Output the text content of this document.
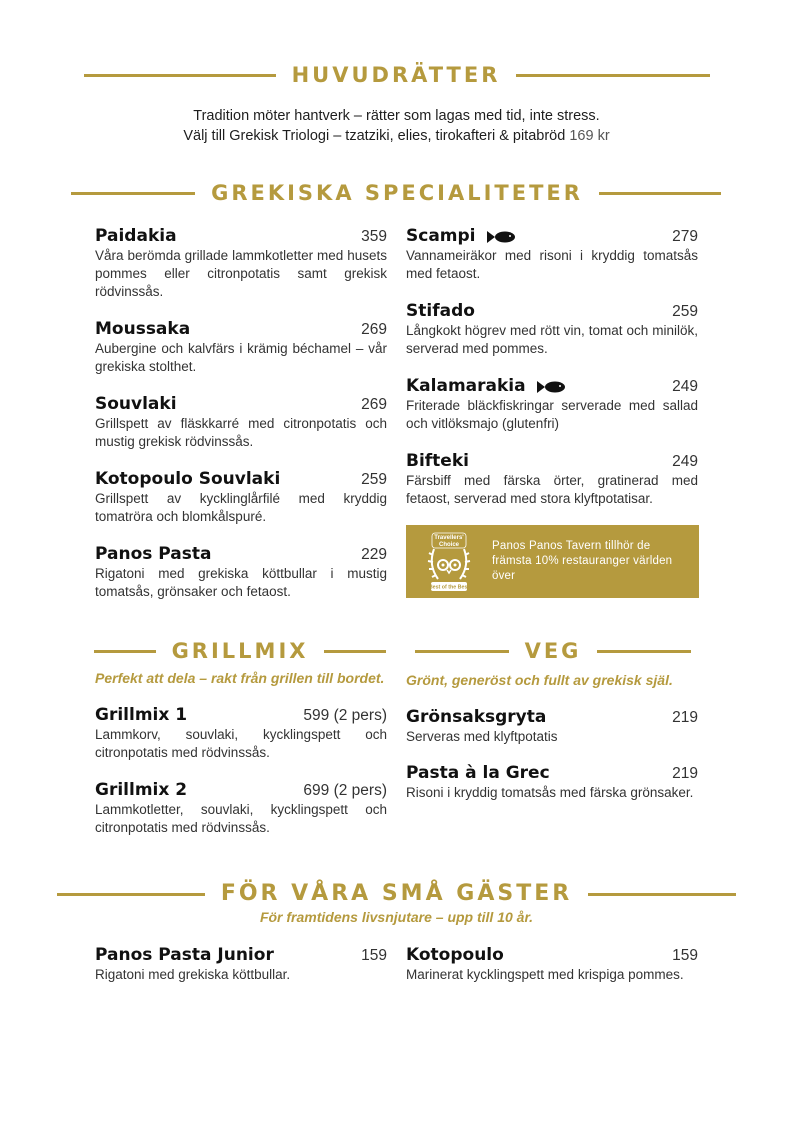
HUVUDRÄTTER
Tradition möter hantverk – rätter som lagas med tid, inte stress.
Välj till Grekisk Triologi – tzatziki, elies, tirokafteri & pitabröd 169 kr
GREKISKA SPECIALITETER
Paidakia	359
Våra berömda grillade lammkotletter med husets pommes eller citronpotatis samt grekisk rödvinssås.
Moussaka	269
Aubergine och kalvfärs i krämig béchamel – vår grekiska stolthet.
Souvlaki	269
Grillspett av fläskkarré med citronpotatis och mustig grekisk rödvinssås.
Kotopoulo Souvlaki	259
Grillspett av kycklinglårfilé med kryddig tomatröra och blomkålspuré.
Panos Pasta	229
Rigatoni med grekiska köttbullar i mustig tomatsås, grönsaker och fetaost.
Scampi	279
Vannameiräkor med risoni i kryddig tomatsås med fetaost.
Stifado	259
Långkokt högrev med rött vin, tomat och minilök, serverad med pommes.
Kalamarakia	249
Friterade bläckfiskringar serverade med sallad och vitlöksmajo (glutenfri)
Bifteki	249
Färsbiff med färska örter, gratinerad med fetaost, serverad med stora klyftpotatisar.
Travellers' Choice
Best of the Best
Panos Panos Tavern tillhör de främsta 10% restauranger världen över
GRILLMIX
Perfekt att dela – rakt från grillen till bordet.
Grillmix 1	599 (2 pers)
Lammkorv, souvlaki, kycklingspett och citronpotatis med rödvinssås.
Grillmix 2	699 (2 pers)
Lammkotletter, souvlaki, kycklingspett och citronpotatis med rödvinssås.
VEG
Grönt, generöst och fullt av grekisk själ.
Grönsaksgryta	219
Serveras med klyftpotatis
Pasta à la Grec	219
Risoni i kryddig tomatsås med färska grönsaker.
FÖR VÅRA SMÅ GÄSTER
För framtidens livsnjutare – upp till 10 år.
Panos Pasta Junior	159
Rigatoni med grekiska köttbullar.
Kotopoulo	159
Marinerat kycklingspett med krispiga pommes.
